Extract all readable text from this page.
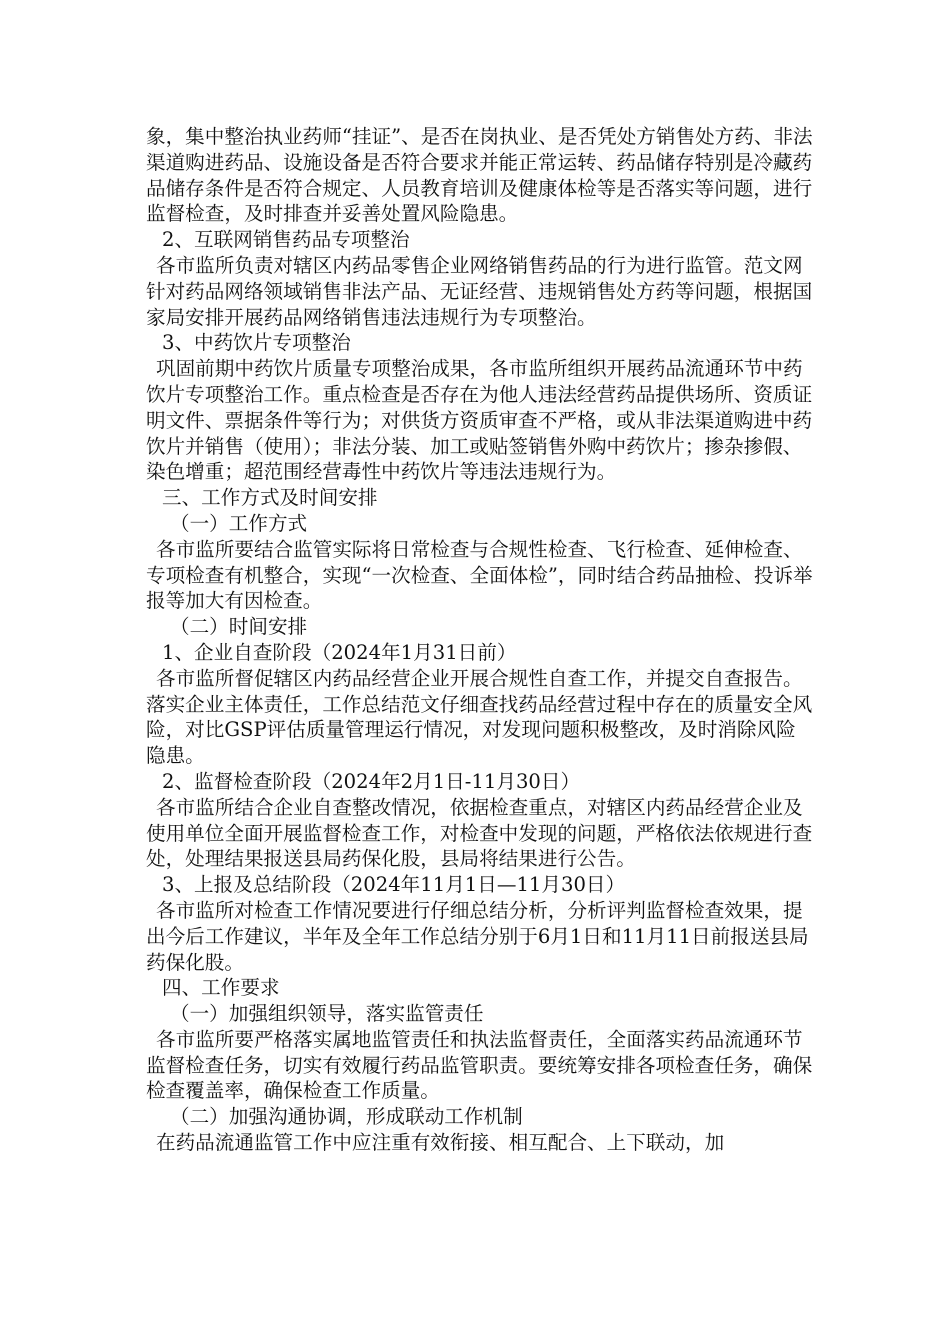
象，集中整治执业药师“挂证”、是否在岗执业、是否凭处方销售处方药、非法渠道购进药品、设施设备是否符合要求并能正常运转、药品储存特别是冷藏药品储存条件是否符合规定、人员教育培训及健康体检等是否落实等问题，进行监督检查，及时排查并妥善处置风险隐患。

2、互联网销售药品专项整治

各市监所负责对辖区内药品零售企业网络销售药品的行为进行监管。范文网针对药品网络领域销售非法产品、无证经营、违规销售处方药等问题，根据国家局安排开展药品网络销售违法违规行为专项整治。

3、中药饮片专项整治

巩固前期中药饮片质量专项整治成果，各市监所组织开展药品流通环节中药饮片专项整治工作。重点检查是否存在为他人违法经营药品提供场所、资质证明文件、票据条件等行为；对供货方资质审查不严格，或从非法渠道购进中药饮片并销售（使用）；非法分装、加工或贴签销售外购中药饮片；掺杂掺假、染色增重；超范围经营毒性中药饮片等违法违规行为。

三、工作方式及时间安排

（一）工作方式

各市监所要结合监管实际将日常检查与合规性检查、飞行检查、延伸检查、专项检查有机整合，实现“一次检查、全面体检”，同时结合药品抽检、投诉举报等加大有因检查。

（二）时间安排

1、企业自查阶段（2024年1月31日前）

各市监所督促辖区内药品经营企业开展合规性自查工作，并提交自查报告。落实企业主体责任，工作总结范文仔细查找药品经营过程中存在的质量安全风险，对比GSP评估质量管理运行情况，对发现问题积极整改，及时消除风险隐患。

2、监督检查阶段（2024年2月1日-11月30日）

各市监所结合企业自查整改情况，依据检查重点，对辖区内药品经营企业及使用单位全面开展监督检查工作，对检查中发现的问题，严格依法依规进行查处，处理结果报送县局药保化股，县局将结果进行公告。

3、上报及总结阶段（2024年11月1日—11月30日）

各市监所对检查工作情况要进行仔细总结分析，分析评判监督检查效果，提出今后工作建议，半年及全年工作总结分别于6月1日和11月11日前报送县局药保化股。

四、工作要求

（一）加强组织领导，落实监管责任

各市监所要严格落实属地监管责任和执法监督责任，全面落实药品流通环节监督检查任务，切实有效履行药品监管职责。要统筹安排各项检查任务，确保检查覆盖率，确保检查工作质量。

（二）加强沟通协调，形成联动工作机制

在药品流通监管工作中应注重有效衔接、相互配合、上下联动，加
